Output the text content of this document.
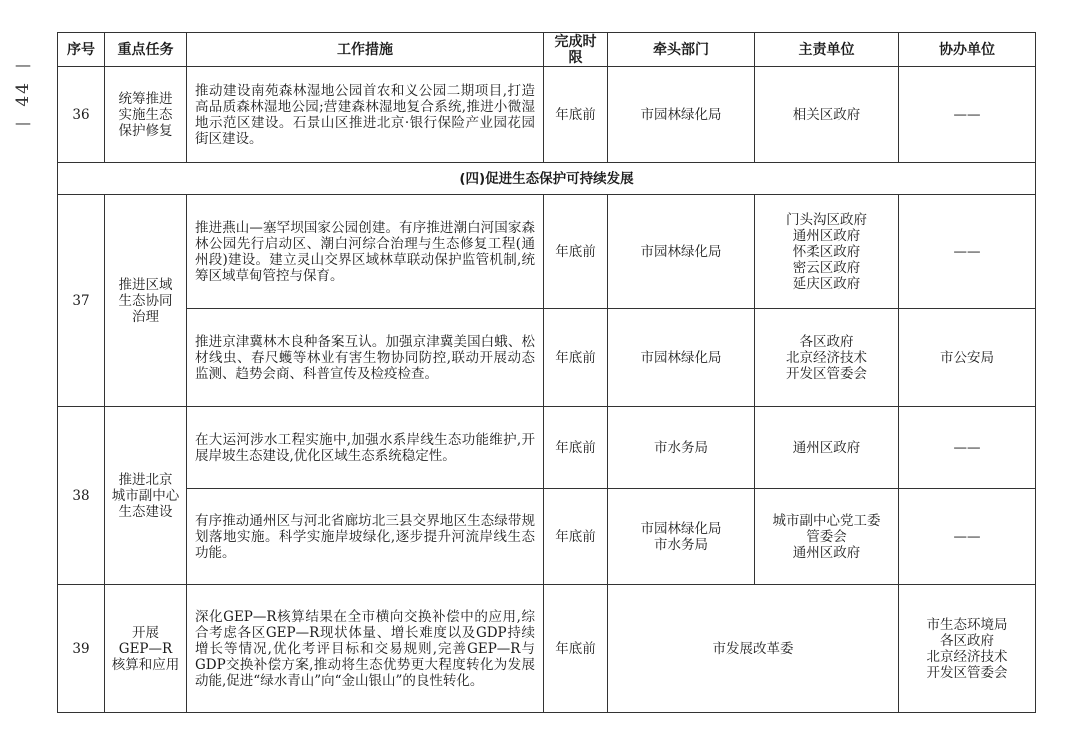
—
44
—
序号	重点任务	工作措施	完成时限	牵头部门	主责单位	协办单位
36	统筹推进
实施生态
保护修复	推动建设南苑森林湿地公园首农和义公园二期项目,打造高品质森林湿地公园;营建森林湿地复合系统,推进小微湿地示范区建设。石景山区推进北京·银行保险产业园花园街区建设。	年底前	市园林绿化局	相关区政府	——
(四)促进生态保护可持续发展						
37	推进区域
生态协同
治理	推进燕山—塞罕坝国家公园创建。有序推进潮白河国家森林公园先行启动区、潮白河综合治理与生态修复工程(通州段)建设。建立灵山交界区域林草联动保护监管机制,统筹区域草甸管控与保育。	年底前	市园林绿化局	门头沟区政府
通州区政府
怀柔区政府
密云区政府
延庆区政府	——
		推进京津冀林木良种备案互认。加强京津冀美国白蛾、松材线虫、春尺蠖等林业有害生物协同防控,联动开展动态监测、趋势会商、科普宣传及检疫检查。	年底前	市园林绿化局	各区政府
北京经济技术
开发区管委会	市公安局
38	推进北京
城市副中心
生态建设	在大运河涉水工程实施中,加强水系岸线生态功能维护,开展岸坡生态建设,优化区域生态系统稳定性。	年底前	市水务局	通州区政府	——
		有序推动通州区与河北省廊坊北三县交界地区生态绿带规划落地实施。科学实施岸坡绿化,逐步提升河流岸线生态功能。	年底前	市园林绿化局
市水务局	城市副中心党工委
管委会
通州区政府	——
39	开展
GEP—R
核算和应用	深化GEP—R核算结果在全市横向交换补偿中的应用,综合考虑各区GEP—R现状体量、增长难度以及GDP持续增长等情况,优化考评目标和交易规则,完善GEP—R与GDP交换补偿方案,推动将生态优势更大程度转化为发展动能,促进“绿水青山”向“金山银山”的良性转化。	年底前	市发展改革委		市生态环境局
各区政府
北京经济技术
开发区管委会
